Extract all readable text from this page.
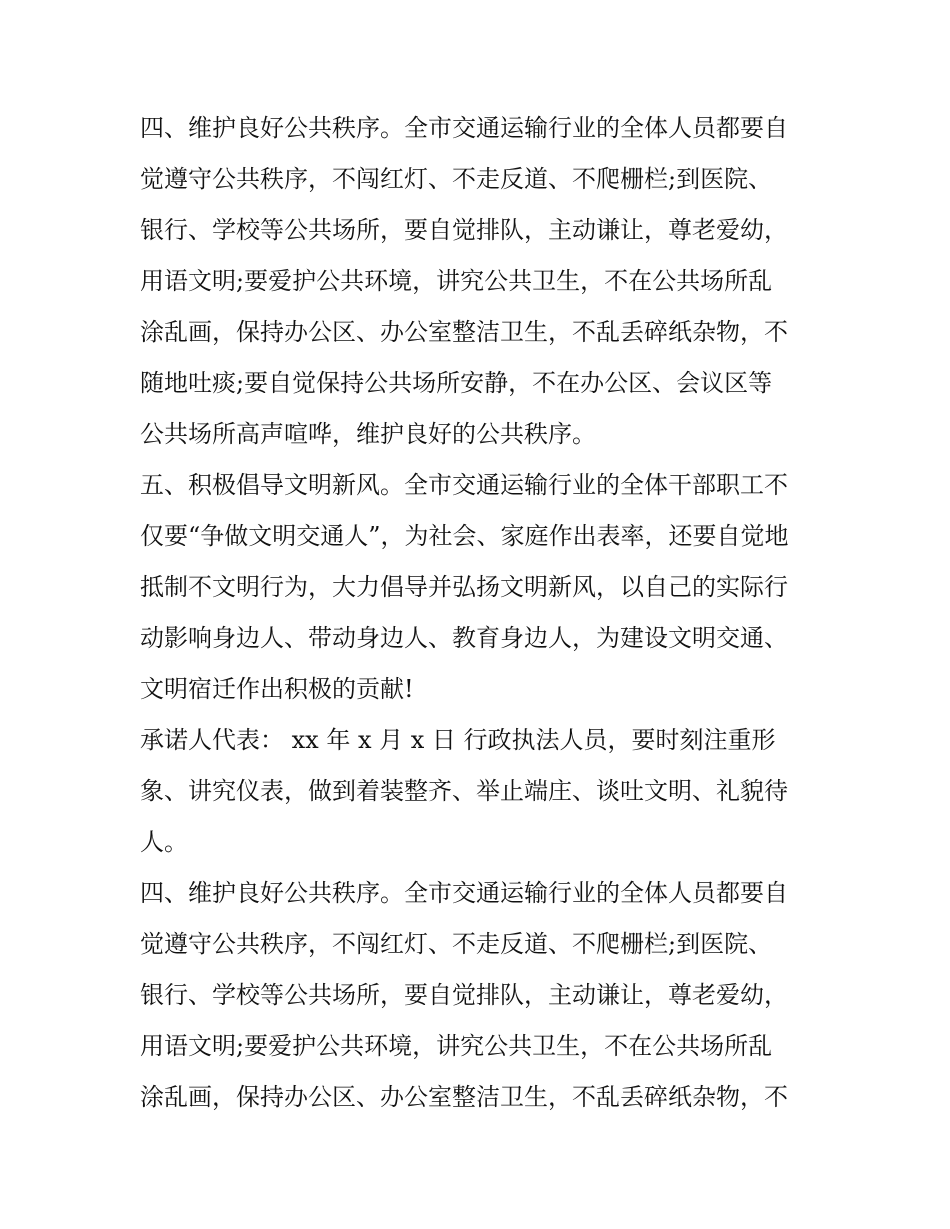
四、维护良好公共秩序。全市交通运输行业的全体人员都要自
觉遵守公共秩序，不闯红灯、不走反道、不爬栅栏;到医院、
银行、学校等公共场所，要自觉排队，主动谦让，尊老爱幼，
用语文明;要爱护公共环境，讲究公共卫生，不在公共场所乱
涂乱画，保持办公区、办公室整洁卫生，不乱丢碎纸杂物，不
随地吐痰;要自觉保持公共场所安静，不在办公区、会议区等
公共场所高声喧哗，维护良好的公共秩序。
五、积极倡导文明新风。全市交通运输行业的全体干部职工不
仅要“争做文明交通人”，为社会、家庭作出表率，还要自觉地
抵制不文明行为，大力倡导并弘扬文明新风，以自己的实际行
动影响身边人、带动身边人、教育身边人，为建设文明交通、
文明宿迁作出积极的贡献!
承诺人代表： xx 年 x 月 x 日 行政执法人员，要时刻注重形
象、讲究仪表，做到着装整齐、举止端庄、谈吐文明、礼貌待
人。
四、维护良好公共秩序。全市交通运输行业的全体人员都要自
觉遵守公共秩序，不闯红灯、不走反道、不爬栅栏;到医院、
银行、学校等公共场所，要自觉排队，主动谦让，尊老爱幼，
用语文明;要爱护公共环境，讲究公共卫生，不在公共场所乱
涂乱画，保持办公区、办公室整洁卫生，不乱丢碎纸杂物，不
